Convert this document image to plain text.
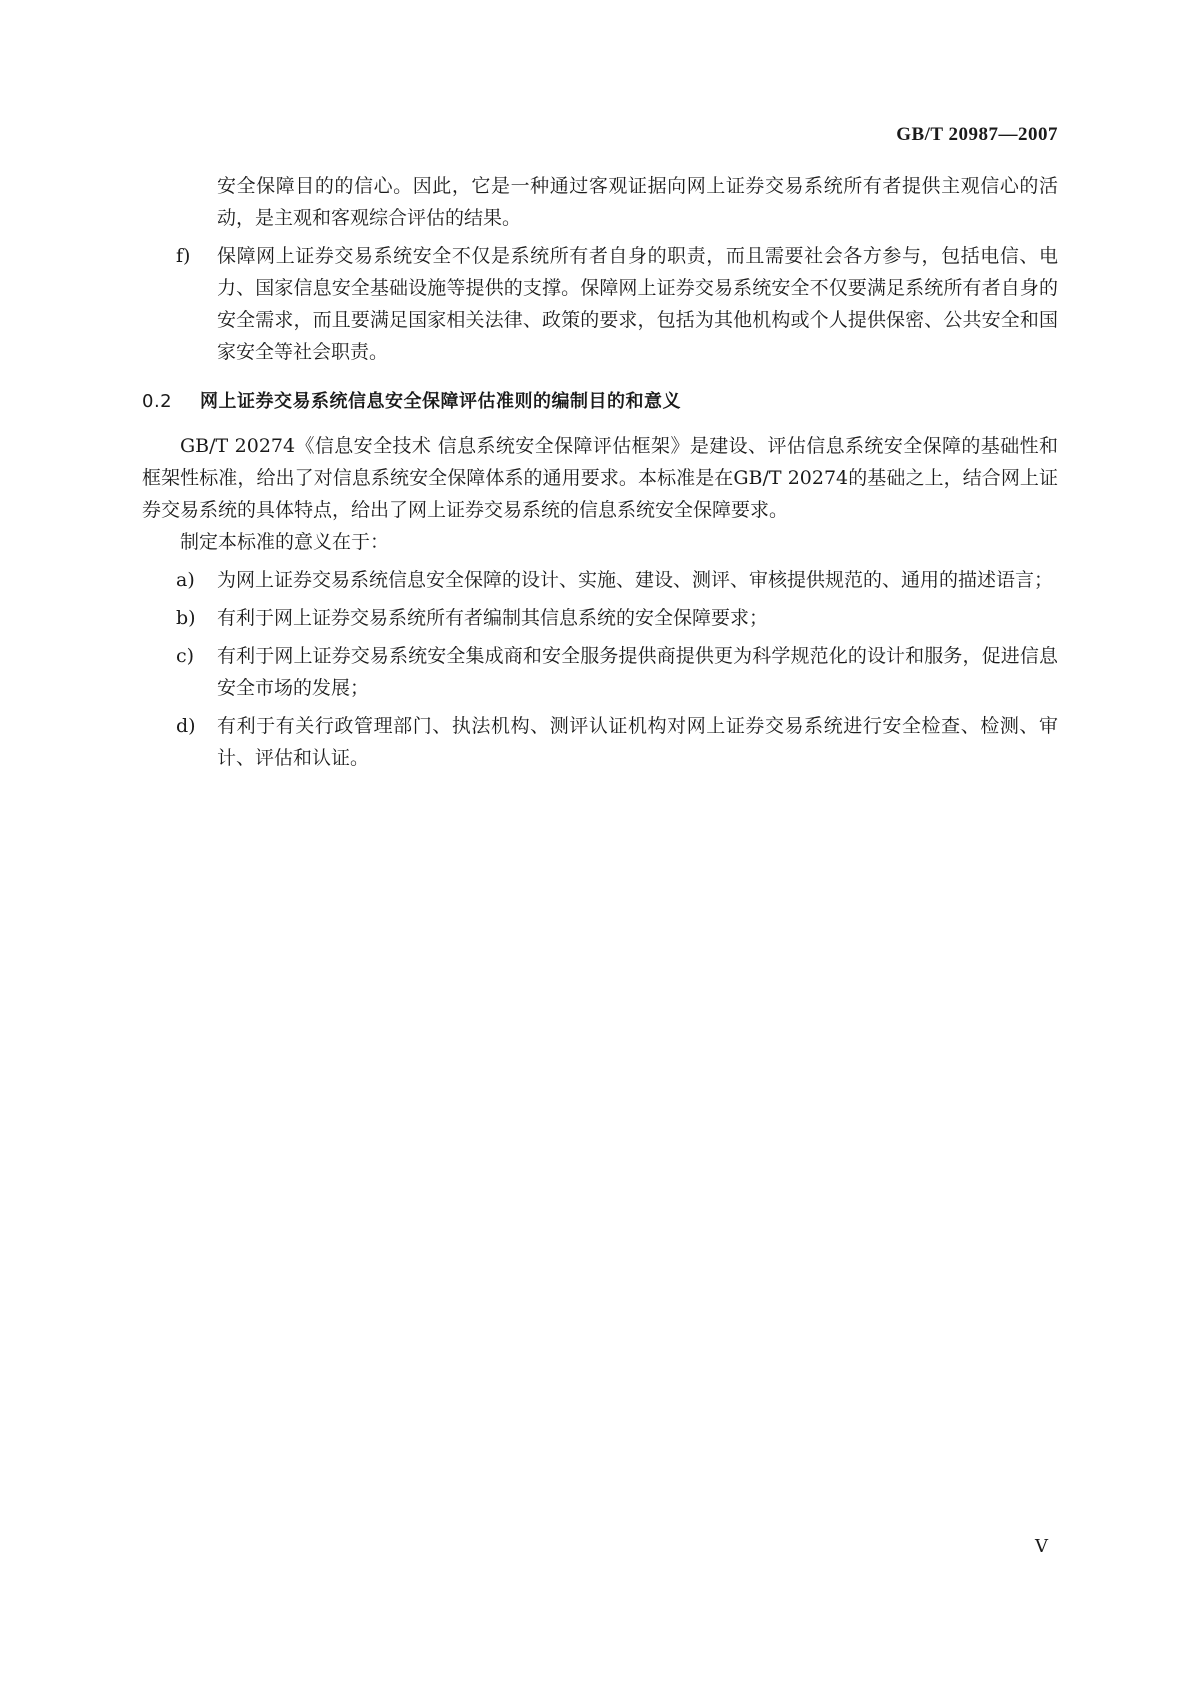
GB/T 20987—2007
安全保障目的的信心。因此，它是一种通过客观证据向网上证券交易系统所有者提供主观信心的活动，是主观和客观综合评估的结果。
f) 保障网上证券交易系统安全不仅是系统所有者自身的职责，而且需要社会各方参与，包括电信、电力、国家信息安全基础设施等提供的支撑。保障网上证券交易系统安全不仅要满足系统所有者自身的安全需求，而且要满足国家相关法律、政策的要求，包括为其他机构或个人提供保密、公共安全和国家安全等社会职责。
0.2 网上证券交易系统信息安全保障评估准则的编制目的和意义

GB/T 20274《信息安全技术 信息系统安全保障评估框架》是建设、评估信息系统安全保障的基础性和框架性标准，给出了对信息系统安全保障体系的通用要求。本标准是在GB/T 20274的基础之上，结合网上证券交易系统的具体特点，给出了网上证券交易系统的信息系统安全保障要求。

制定本标准的意义在于：

a) 为网上证券交易系统信息安全保障的设计、实施、建设、测评、审核提供规范的、通用的描述语言；
b) 有利于网上证券交易系统所有者编制其信息系统的安全保障要求；
c) 有利于网上证券交易系统安全集成商和安全服务提供商提供更为科学规范化的设计和服务，促进信息安全市场的发展；
d) 有利于有关行政管理部门、执法机构、测评认证机构对网上证券交易系统进行安全检查、检测、审计、评估和认证。
V
